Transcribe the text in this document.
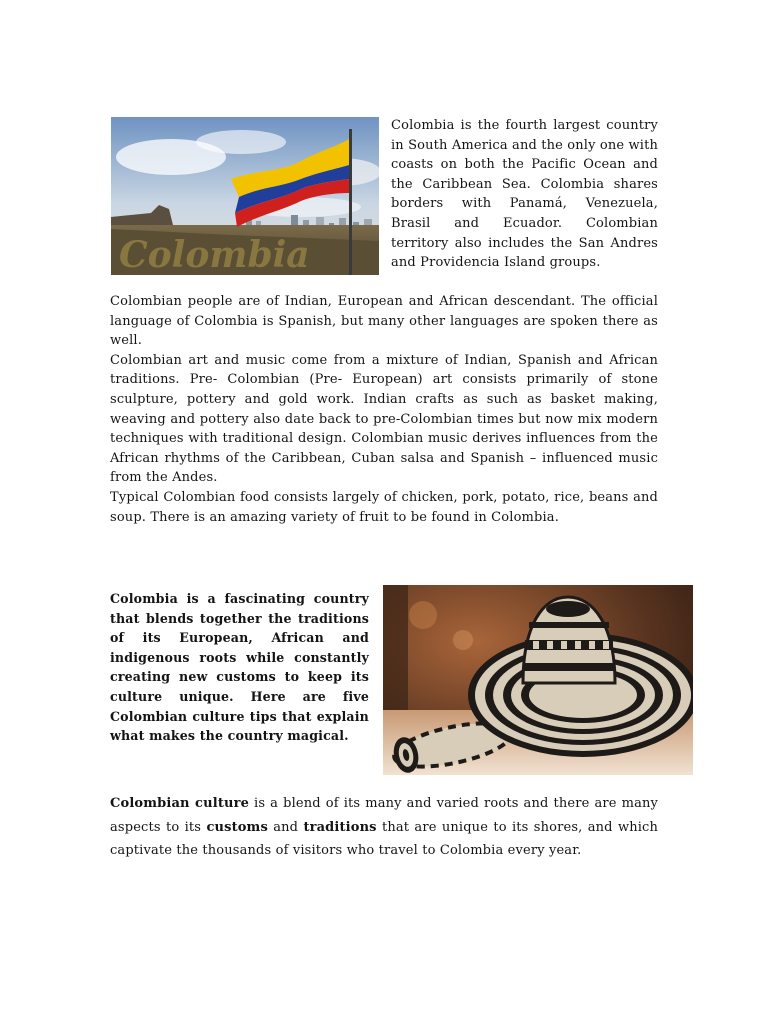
Colombia
Colombia is the fourth largest country in South America and the only one with coasts on both the Pacific Ocean and the Caribbean Sea. Colombia shares borders with Panamá, Venezuela, Brasil and Ecuador. Colombian territory also includes the San Andres and Providencia Island groups.

Colombian people are of Indian, European and African descendant. The official language of Colombia is Spanish, but many other languages are spoken there as well.

Colombian art and music come from a mixture of Indian, Spanish and African traditions. Pre- Colombian (Pre- European) art consists primarily of stone sculpture, pottery and gold work. Indian crafts as such as basket making, weaving and pottery also date back to pre-Colombian times but now mix modern techniques with traditional design. Colombian music derives influences from the African rhythms of the Caribbean, Cuban salsa and Spanish – influenced music from the Andes.

Typical Colombian food consists largely of chicken, pork, potato, rice, beans and soup. There is an amazing variety of fruit to be found in Colombia.

Colombia is a fascinating country that blends together the traditions of its European, African and indigenous roots while constantly creating new customs to keep its culture unique. Here are five Colombian culture tips that explain what makes the country magical.
Colombian culture is a blend of its many and varied roots and there are many aspects to its customs and traditions that are unique to its shores, and which captivate the thousands of visitors who travel to Colombia every year.
